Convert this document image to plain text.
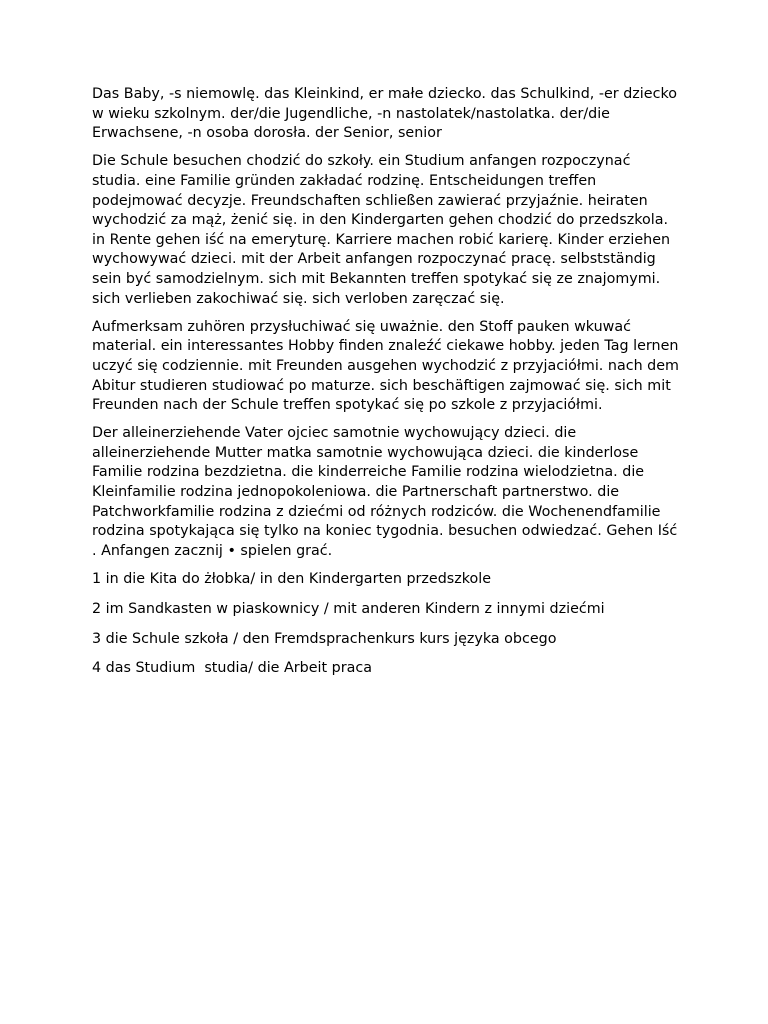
Das Baby, -s niemowlę. das Kleinkind, er małe dziecko. das Schulkind, -er dziecko w wieku szkolnym. der/die Jugendliche, -n nastolatek/nastolatka. der/die Erwachsene, -n osoba dorosła. der Senior, senior

Die Schule besuchen chodzić do szkoły. ein Studium anfangen rozpoczynać studia. eine Familie gründen zakładać rodzinę. Entscheidungen treffen podejmować decyzje. Freundschaften schließen zawierać przyjaźnie. heiraten wychodzić za mąż, żenić się. in den Kindergarten gehen chodzić do przedszkola. in Rente gehen iść na emeryturę. Karriere machen robić karierę. Kinder erziehen wychowywać dzieci. mit der Arbeit anfangen rozpoczynać pracę. selbstständig sein być samodzielnym. sich mit Bekannten treffen spotykać się ze znajomymi. sich verlieben zakochiwać się. sich verloben zaręczać się.

Aufmerksam zuhören przysłuchiwać się uważnie. den Stoff pauken wkuwać material. ein interessantes Hobby finden znaleźć ciekawe hobby. jeden Tag lernen uczyć się codziennie. mit Freunden ausgehen wychodzić z przyjaciółmi. nach dem Abitur studieren studiować po maturze. sich beschäftigen zajmować się. sich mit Freunden nach der Schule treffen spotykać się po szkole z przyjaciółmi.

Der alleinerziehende Vater ojciec samotnie wychowujący dzieci. die alleinerziehende Mutter matka samotnie wychowująca dzieci. die kinderlose Familie rodzina bezdzietna. die kinderreiche Familie rodzina wielodzietna. die Kleinfamilie rodzina jednopokoleniowa. die Partnerschaft partnerstwo. die Patchworkfamilie rodzina z dziećmi od różnych rodziców. die Wochenendfamilie rodzina spotykająca się tylko na koniec tygodnia. besuchen odwiedzać. Gehen Iść . Anfangen zacznij • spielen grać.

1 in die Kita do żłobka/ in den Kindergarten przedszkole

2 im Sandkasten w piaskownicy / mit anderen Kindern z innymi dziećmi

3 die Schule szkoła / den Fremdsprachenkurs kurs języka obcego

4 das Studium  studia/ die Arbeit praca
